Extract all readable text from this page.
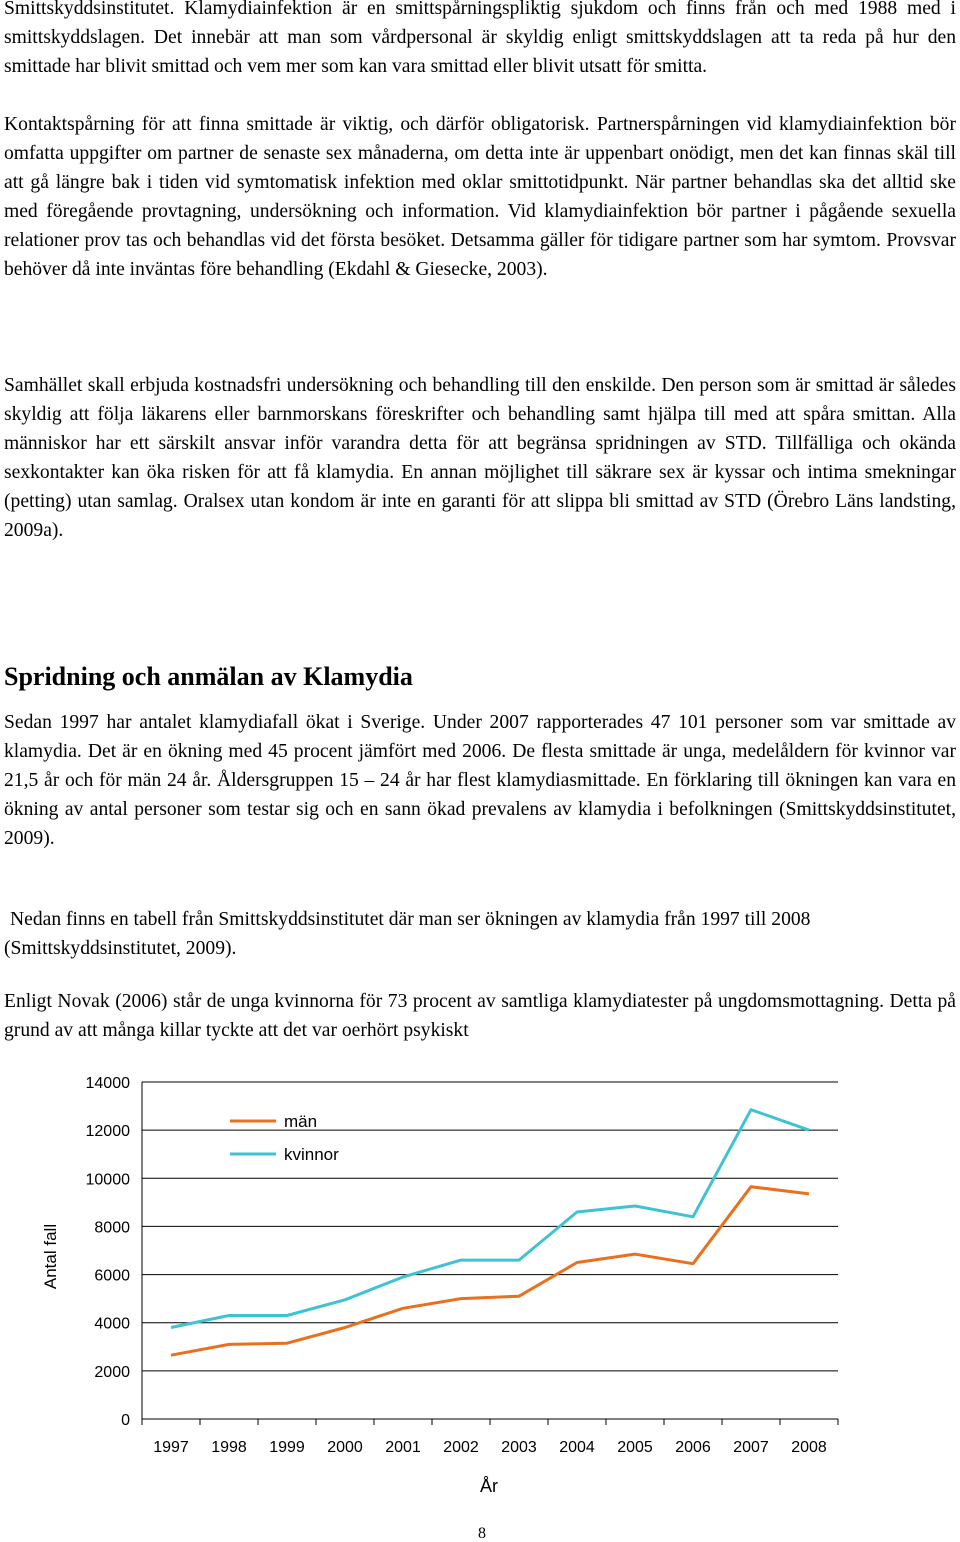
Smittskyddsinstitutet. Klamydiainfektion är en smittspårningspliktig sjukdom och finns från och med 1988 med i smittskyddslagen. Det innebär att man som vårdpersonal är skyldig enligt smittskyddslagen att ta reda på hur den smittade har blivit smittad och vem mer som kan vara smittad eller blivit utsatt för smitta.

Kontaktspårning för att finna smittade är viktig, och därför obligatorisk. Partnerspårningen vid klamydiainfektion bör omfatta uppgifter om partner de senaste sex månaderna, om detta inte är uppenbart onödigt, men det kan finnas skäl till att gå längre bak i tiden vid symtomatisk infektion med oklar smittotidpunkt. När partner behandlas ska det alltid ske med föregående provtagning, undersökning och information. Vid klamydiainfektion bör partner i pågående sexuella relationer prov tas och behandlas vid det första besöket. Detsamma gäller för tidigare partner som har symtom. Provsvar behöver då inte inväntas före behandling (Ekdahl & Giesecke, 2003).

Samhället skall erbjuda kostnadsfri undersökning och behandling till den enskilde. Den person som är smittad är således skyldig att följa läkarens eller barnmorskans föreskrifter och behandling samt hjälpa till med att spåra smittan. Alla människor har ett särskilt ansvar inför varandra detta för att begränsa spridningen av STD. Tillfälliga och okända sexkontakter kan öka risken för att få klamydia. En annan möjlighet till säkrare sex är kyssar och intima smekningar (petting) utan samlag. Oralsex utan kondom är inte en garanti för att slippa bli smittad av STD (Örebro Läns landsting, 2009a).

Spridning och anmälan av Klamydia

Sedan 1997 har antalet klamydiafall ökat i Sverige. Under 2007 rapporterades 47 101 personer som var smittade av klamydia. Det är en ökning med 45 procent jämfört med 2006. De flesta smittade är unga, medelåldern för kvinnor var 21,5 år och för män 24 år. Åldersgruppen 15 – 24 år har flest klamydiasmittade. En förklaring till ökningen kan vara en ökning av antal personer som testar sig och en sann ökad prevalens av klamydia i befolkningen (Smittskyddsinstitutet, 2009).

Nedan finns en tabell från Smittskyddsinstitutet där man ser ökningen av klamydia från 1997 till 2008 (Smittskyddsinstitutet, 2009).

Enligt Novak (2006) står de unga kvinnorna för 73 procent av samtliga klamydiatester på ungdomsmottagning. Detta på grund av att många killar tyckte att det var oerhört psykiskt

0
2000
4000
6000
8000
10000
12000
14000
1997 1998 1999 2000 2001 2002 2003 2004 2005 2006 2007 2008
män
kvinnor
Antal fall
År
8
